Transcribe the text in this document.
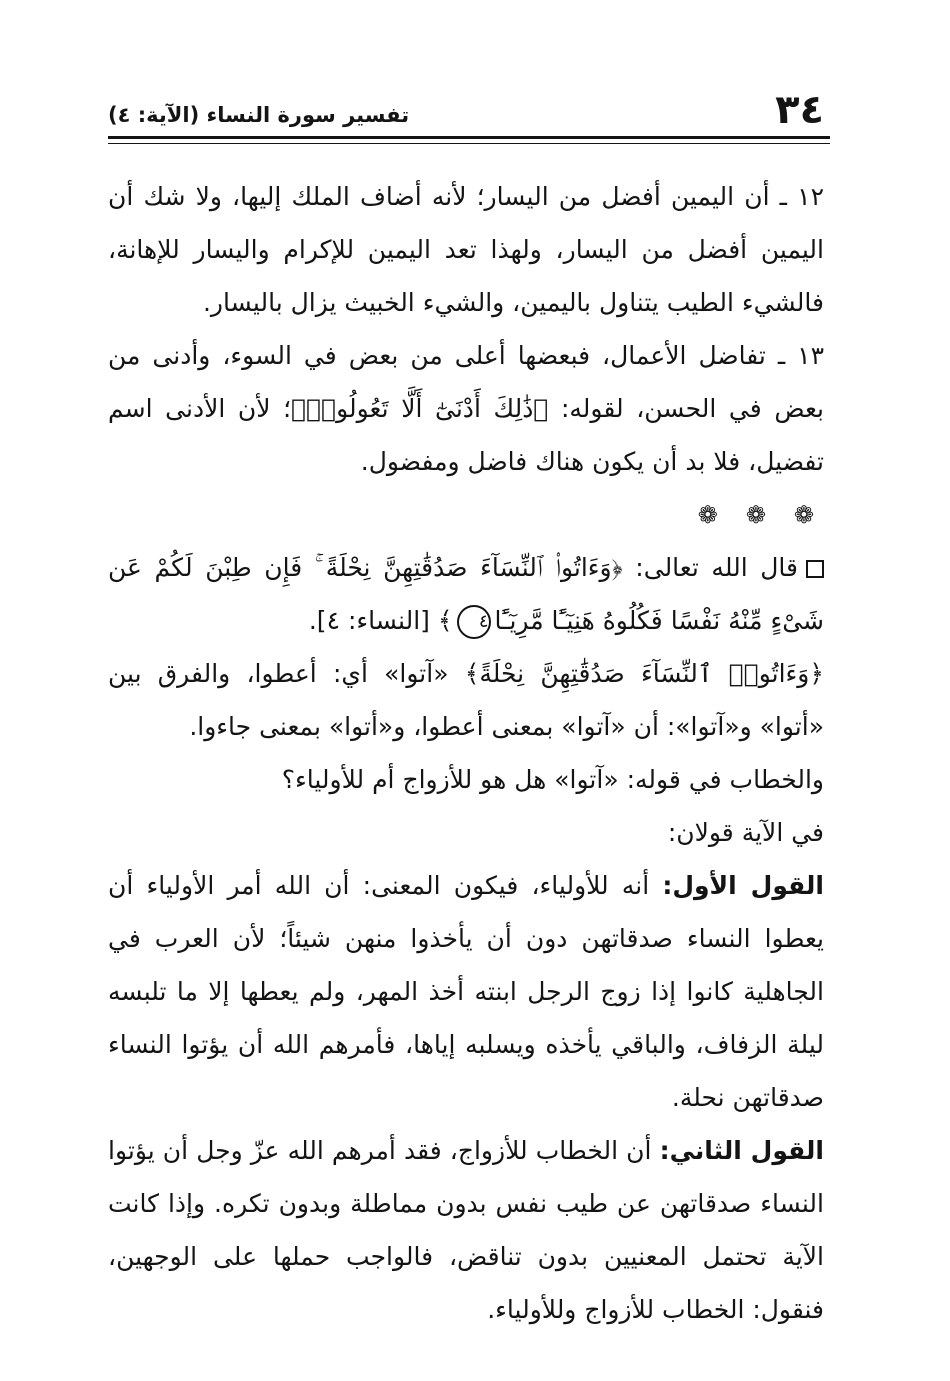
٣٤
تفسير سورة النساء (الآية: ٤)

١٢ ـ أن اليمين أفضل من اليسار؛ لأنه أضاف الملك إليها، ولا شك أن اليمين أفضل من اليسار، ولهذا تعد اليمين للإكرام واليسار للإهانة، فالشيء الطيب يتناول باليمين، والشيء الخبيث يزال باليسار.

١٣ ـ تفاضل الأعمال، فبعضها أعلى من بعض في السوء، وأدنى من بعض في الحسن، لقوله: ﴿ذَٰلِكَ أَدْنَىٰٓ أَلَّا تَعُولُوا۟﴾؛ لأن الأدنى اسم تفضيل، فلا بد أن يكون هناك فاضل ومفضول.

❁ ❁ ❁

قال الله تعالى: ﴿وَءَاتُوا۟ ٱلنِّسَآءَ صَدُقَٰتِهِنَّ نِحْلَةً ۚ فَإِن طِبْنَ لَكُمْ عَن شَىْءٍ مِّنْهُ نَفْسًا فَكُلُوهُ هَنِيٓـًٔا مَّرِيٓـًٔا٤﴾ [النساء: ٤].

﴿وَءَاتُوا۟ ٱلنِّسَآءَ صَدُقَٰتِهِنَّ نِحْلَةً﴾ «آتوا» أي: أعطوا، والفرق بين «أتوا» و«آتوا»: أن «آتوا» بمعنى أعطوا، و«أتوا» بمعنى جاءوا.

والخطاب في قوله: «آتوا» هل هو للأزواج أم للأولياء؟

في الآية قولان:

القول الأول: أنه للأولياء، فيكون المعنى: أن الله أمر الأولياء أن يعطوا النساء صدقاتهن دون أن يأخذوا منهن شيئاً؛ لأن العرب في الجاهلية كانوا إذا زوج الرجل ابنته أخذ المهر، ولم يعطها إلا ما تلبسه ليلة الزفاف، والباقي يأخذه ويسلبه إياها، فأمرهم الله أن يؤتوا النساء صدقاتهن نحلة.

القول الثاني: أن الخطاب للأزواج، فقد أمرهم الله عزّ وجل أن يؤتوا النساء صدقاتهن عن طيب نفس بدون مماطلة وبدون تكره. وإذا كانت الآية تحتمل المعنيين بدون تناقض، فالواجب حملها على الوجهين، فنقول: الخطاب للأزواج وللأولياء.
